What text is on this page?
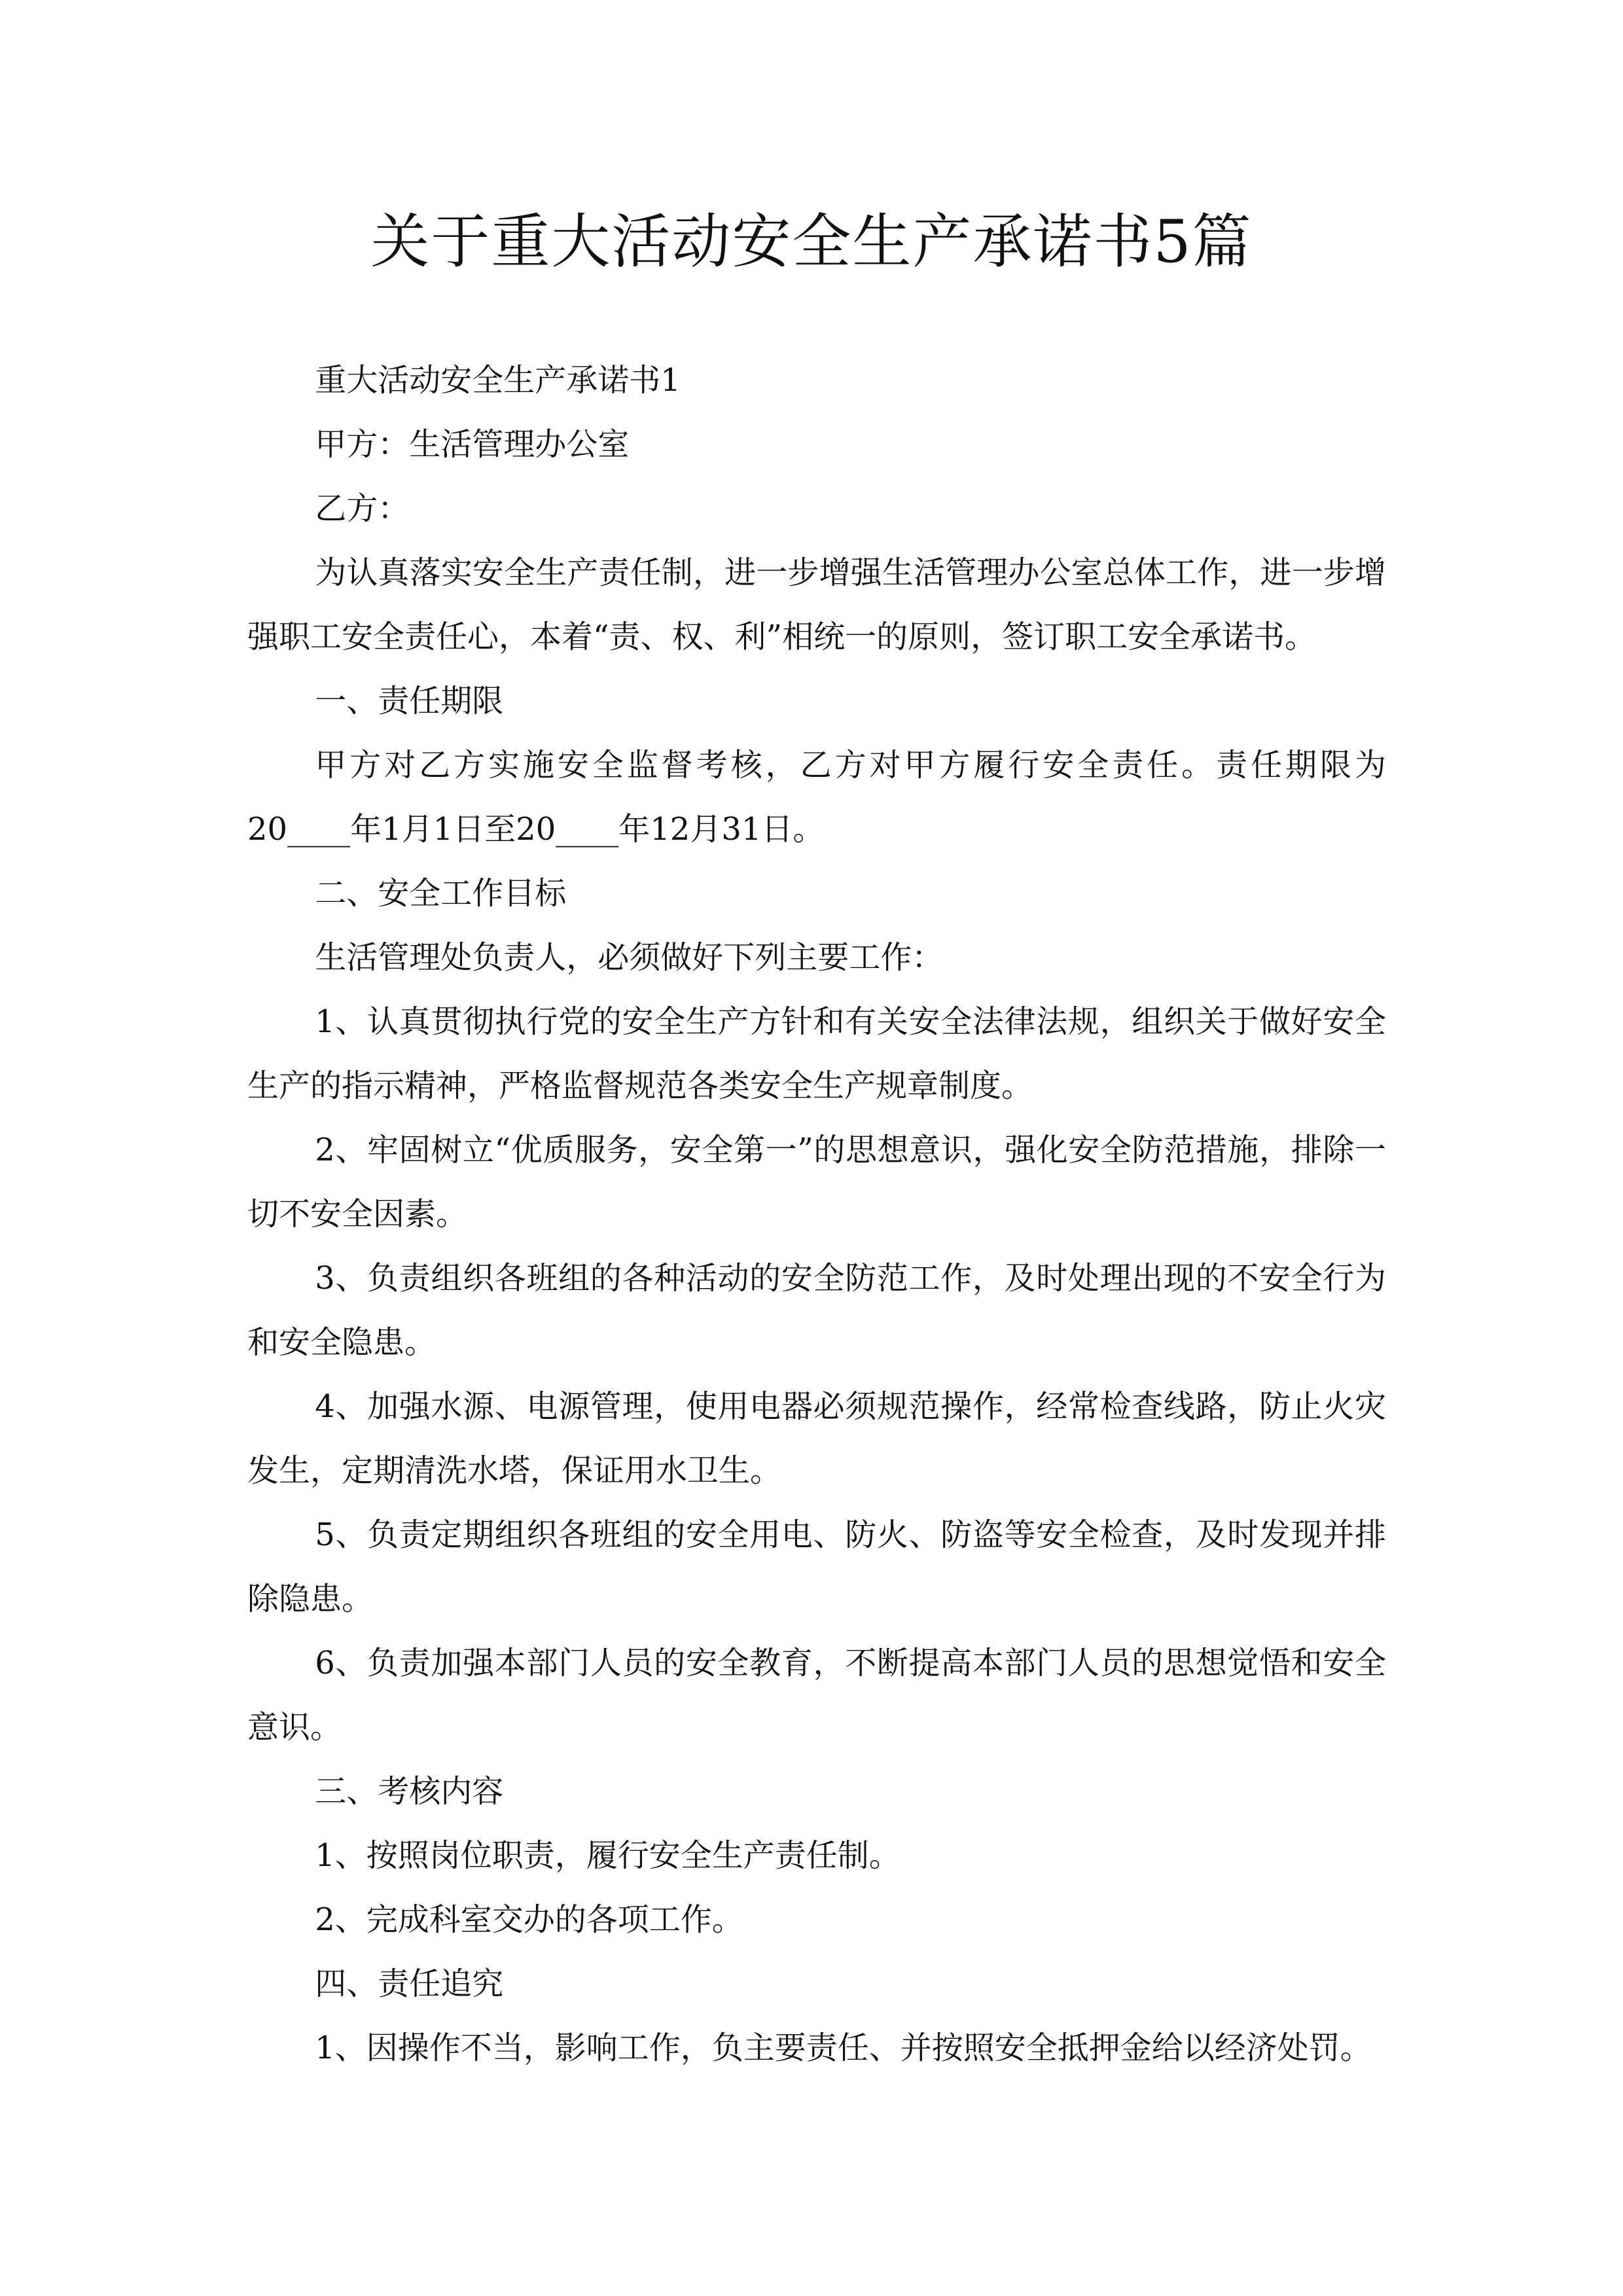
关于重大活动安全生产承诺书5篇

重大活动安全生产承诺书1

甲方：生活管理办公室

乙方：

为认真落实安全生产责任制，进一步增强生活管理办公室总体工作，进一步增强职工安全责任心，本着“责、权、利”相统一的原则，签订职工安全承诺书。

一、责任期限

甲方对乙方实施安全监督考核，乙方对甲方履行安全责任。责任期限为20____年1月1日至20____年12月31日。

二、安全工作目标

生活管理处负责人，必须做好下列主要工作：

1、认真贯彻执行党的安全生产方针和有关安全法律法规，组织关于做好安全生产的指示精神，严格监督规范各类安全生产规章制度。

2、牢固树立“优质服务，安全第一”的思想意识，强化安全防范措施，排除一切不安全因素。

3、负责组织各班组的各种活动的安全防范工作，及时处理出现的不安全行为和安全隐患。

4、加强水源、电源管理，使用电器必须规范操作，经常检查线路，防止火灾发生，定期清洗水塔，保证用水卫生。

5、负责定期组织各班组的安全用电、防火、防盗等安全检查，及时发现并排除隐患。

6、负责加强本部门人员的安全教育，不断提高本部门人员的思想觉悟和安全意识。

三、考核内容

1、按照岗位职责，履行安全生产责任制。

2、完成科室交办的各项工作。

四、责任追究

1、因操作不当，影响工作，负主要责任、并按照安全抵押金给以经济处罚。
